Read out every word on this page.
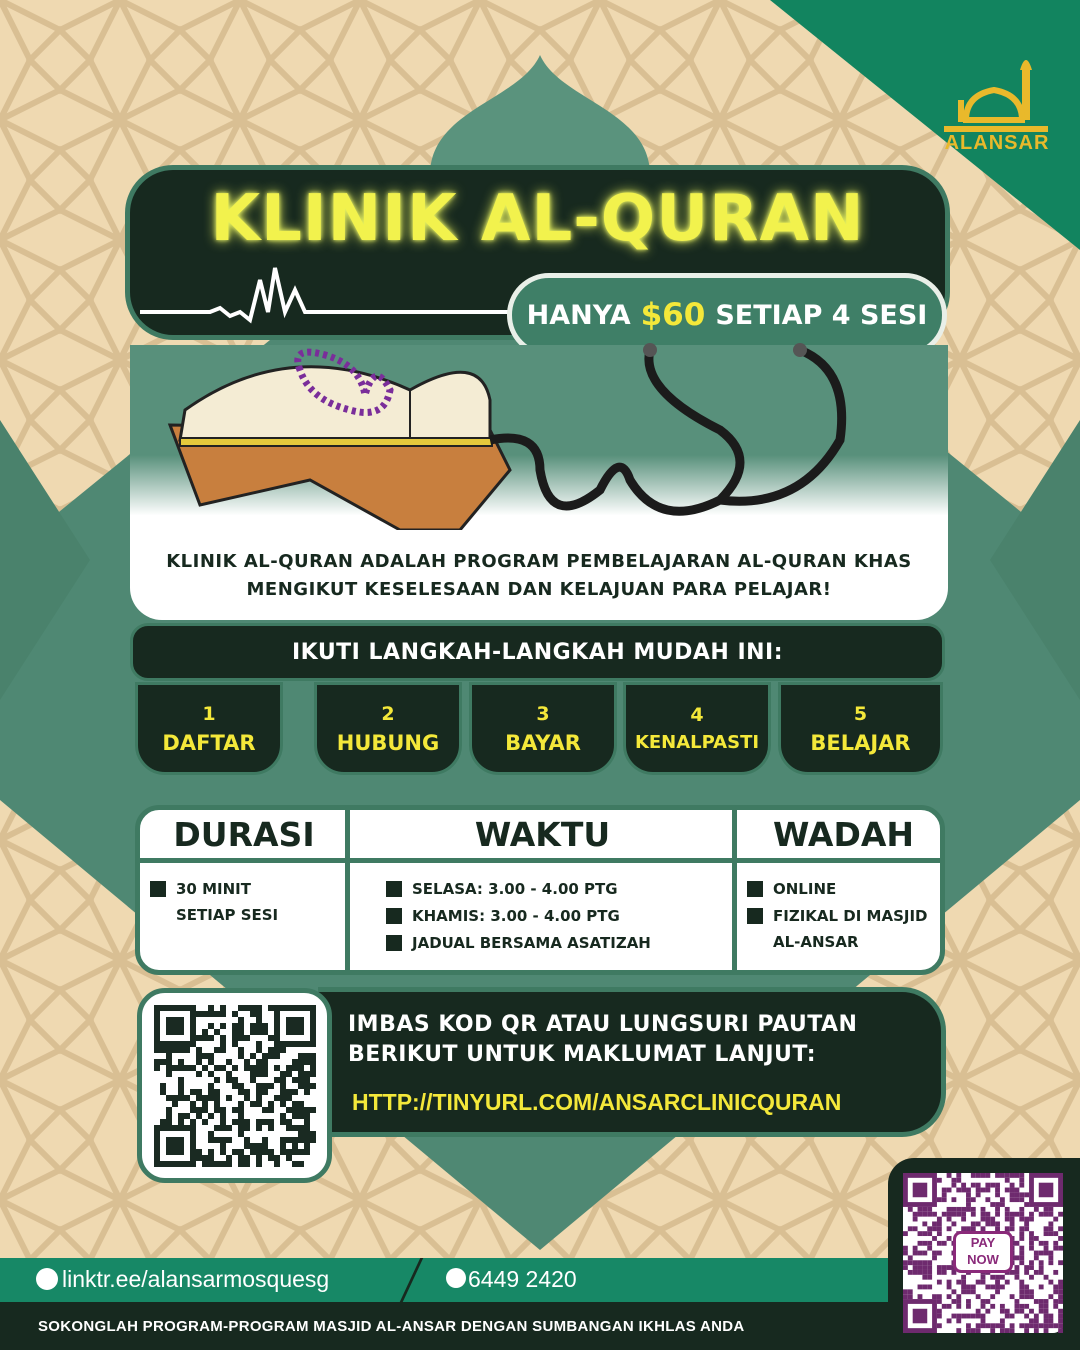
ALANSAR
KLINIK AL-QURAN
HANYA $60 SETIAP 4 SESI
KLINIK AL-QURAN ADALAH PROGRAM PEMBELAJARAN AL-QURAN KHAS
MENGIKUT KESELESAAN DAN KELAJUAN PARA PELAJAR!
IKUTI LANGKAH-LANGKAH MUDAH INI:
1
DAFTAR
2
HUBUNG
3
BAYAR
4
KENALPASTI
5
BELAJAR
DURASI
30 MINIT SETIAP SESI
WAKTU
SELASA: 3.00 - 4.00 PTG
KHAMIS: 3.00 - 4.00 PTG
JADUAL BERSAMA ASATIZAH
WADAH
ONLINE
FIZIKAL DI MASJID AL-ANSAR
IMBAS KOD QR ATAU LUNGSURI PAUTAN BERIKUT UNTUK MAKLUMAT LANJUT:
HTTP://TINYURL.COM/ANSARCLINICQURAN
linktr.ee/alansarmosquesg	6449 2420
SOKONGLAH PROGRAM-PROGRAM MASJID AL-ANSAR DENGAN SUMBANGAN IKHLAS ANDA
PAY NOW
